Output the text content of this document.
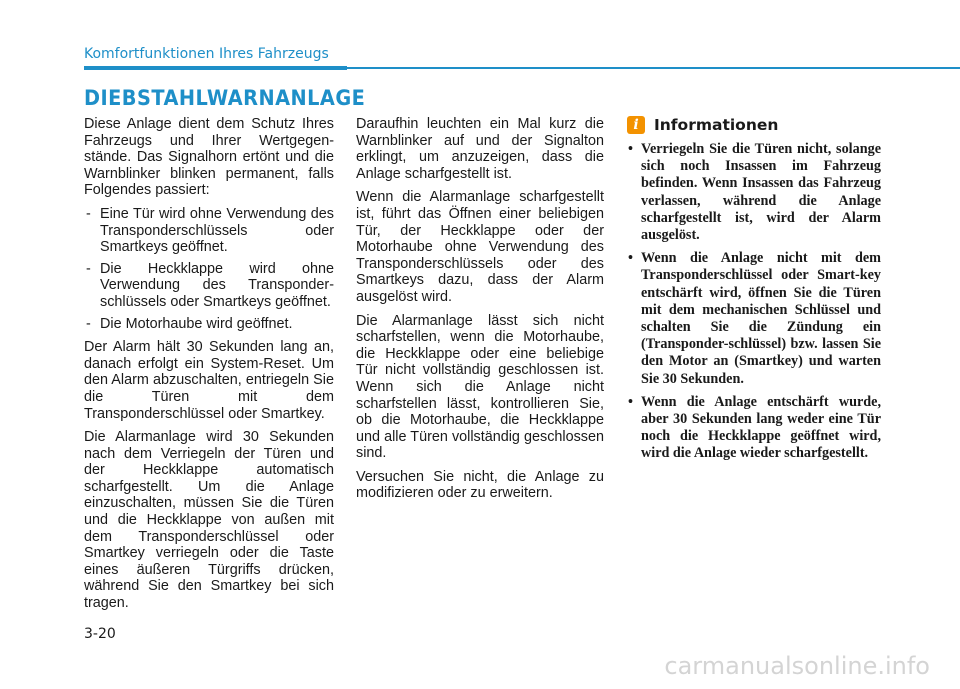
Komfortfunktionen Ihres Fahrzeugs
DIEBSTAHLWARNANLAGE

Diese Anlage dient dem Schutz Ihres Fahrzeugs und Ihrer Wertgegen-stände. Das Signalhorn ertönt und die Warnblinker blinken permanent, falls Folgendes passiert:

- Eine Tür wird ohne Verwendung des Transponderschlüssels oder Smartkeys geöffnet.
- Die Heckklappe wird ohne Verwendung des Transponder-schlüssels oder Smartkeys geöffnet.
- Die Motorhaube wird geöffnet.

Der Alarm hält 30 Sekunden lang an, danach erfolgt ein System-Reset. Um den Alarm abzuschalten, entriegeln Sie die Türen mit dem Transponderschlüssel oder Smartkey.

Die Alarmanlage wird 30 Sekunden nach dem Verriegeln der Türen und der Heckklappe automatisch scharfgestellt. Um die Anlage einzuschalten, müssen Sie die Türen und die Heckklappe von außen mit dem Transponderschlüssel oder Smartkey verriegeln oder die Taste eines äußeren Türgriffs drücken, während Sie den Smartkey bei sich tragen.

Daraufhin leuchten ein Mal kurz die Warnblinker auf und der Signalton erklingt, um anzuzeigen, dass die Anlage scharfgestellt ist.

Wenn die Alarmanlage scharfgestellt ist, führt das Öffnen einer beliebigen Tür, der Heckklappe oder der Motorhaube ohne Verwendung des Transponderschlüssels oder des Smartkeys dazu, dass der Alarm ausgelöst wird.

Die Alarmanlage lässt sich nicht scharfstellen, wenn die Motorhaube, die Heckklappe oder eine beliebige Tür nicht vollständig geschlossen ist. Wenn sich die Anlage nicht scharfstellen lässt, kontrollieren Sie, ob die Motorhaube, die Heckklappe und alle Türen vollständig geschlossen sind.

Versuchen Sie nicht, die Anlage zu modifizieren oder zu erweitern.

i Informationen
• Verriegeln Sie die Türen nicht, solange sich noch Insassen im Fahrzeug befinden. Wenn Insassen das Fahrzeug verlassen, während die Anlage scharfgestellt ist, wird der Alarm ausgelöst.
• Wenn die Anlage nicht mit dem Transponderschlüssel oder Smart-key entschärft wird, öffnen Sie die Türen mit dem mechanischen Schlüssel und schalten Sie die Zündung ein (Transponder-schlüssel) bzw. lassen Sie den Motor an (Smartkey) und warten Sie 30 Sekunden.
• Wenn die Anlage entschärft wurde, aber 30 Sekunden lang weder eine Tür noch die Heckklappe geöffnet wird, wird die Anlage wieder scharfgestellt.
3-20
carmanualsonline.info
